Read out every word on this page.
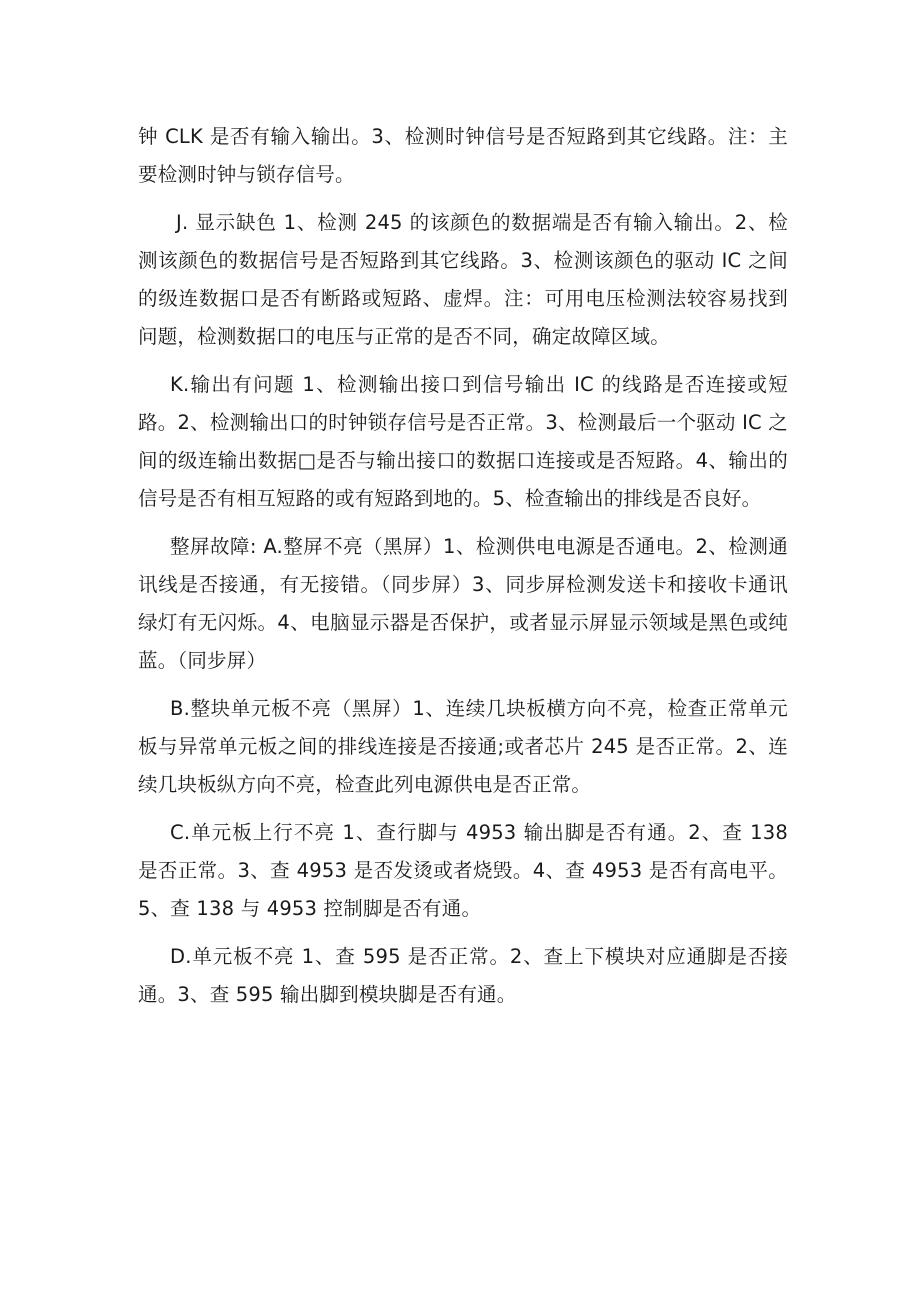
钟 CLK 是否有输入输出。3、检测时钟信号是否短路到其它线路。注：主要检测时钟与锁存信号。

J. 显示缺色 1、检测 245 的该颜色的数据端是否有输入输出。2、检测该颜色的数据信号是否短路到其它线路。3、检测该颜色的驱动 IC 之间的级连数据口是否有断路或短路、虚焊。注：可用电压检测法较容易找到问题，检测数据口的电压与正常的是否不同，确定故障区域。

K.输出有问题 1、检测输出接口到信号输出 IC 的线路是否连接或短路。2、检测输出口的时钟锁存信号是否正常。3、检测最后一个驱动 IC 之间的级连输出数据□是否与输出接口的数据口连接或是否短路。4、输出的信号是否有相互短路的或有短路到地的。5、检查输出的排线是否良好。

整屏故障: A.整屏不亮（黑屏）1、检测供电电源是否通电。2、检测通讯线是否接通，有无接错。（同步屏）3、同步屏检测发送卡和接收卡通讯绿灯有无闪烁。4、电脑显示器是否保护，或者显示屏显示领域是黑色或纯蓝。（同步屏）

B.整块单元板不亮（黑屏）1、连续几块板横方向不亮，检查正常单元板与异常单元板之间的排线连接是否接通;或者芯片 245 是否正常。2、连续几块板纵方向不亮，检查此列电源供电是否正常。

C.单元板上行不亮 1、查行脚与 4953 输出脚是否有通。2、查 138 是否正常。3、查 4953 是否发烫或者烧毁。4、查 4953 是否有高电平。5、查 138 与 4953 控制脚是否有通。

D.单元板不亮 1、查 595 是否正常。2、查上下模块对应通脚是否接通。3、查 595 输出脚到模块脚是否有通。
